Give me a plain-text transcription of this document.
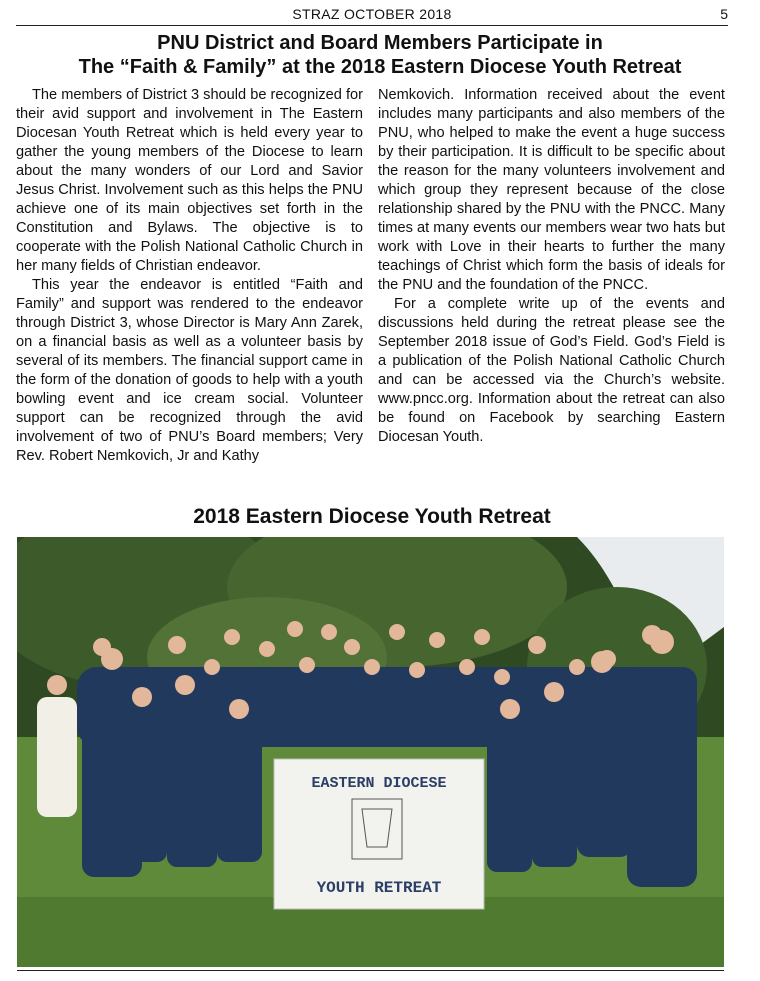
STRAZ OCTOBER 2018	5
PNU District and Board Members Participate in
The “Faith & Family” at the 2018 Eastern Diocese Youth Retreat

The members of District 3 should be recognized for their avid support and involvement in The Eastern Diocesan Youth Retreat which is held every year to gather the young members of the Diocese to learn about the many wonders of our Lord and Savior Jesus Christ. Involvement such as this helps the PNU achieve one of its main objectives set forth in the Constitution and Bylaws. The objective is to cooperate with the Polish National Catholic Church in her many fields of Christian endeavor.

This year the endeavor is entitled “Faith and Family” and support was rendered to the endeavor through District 3, whose Director is Mary Ann Zarek, on a financial basis as well as a volunteer basis by several of its members. The financial support came in the form of the donation of goods to help with a youth bowling event and ice cream social. Volunteer support can be recognized through the avid involvement of two of PNU’s Board members; Very Rev. Robert Nemkovich, Jr and Kathy

Nemkovich. Information received about the event includes many participants and also members of the PNU, who helped to make the event a huge success by their participation. It is difficult to be specific about the reason for the many volunteers involvement and which group they represent because of the close relationship shared by the PNU with the PNCC. Many times at many events our members wear two hats but work with Love in their hearts to further the many teachings of Christ which form the basis of ideals for the PNU and the foundation of the PNCC.

For a complete write up of the events and discussions held during the retreat please see the September 2018 issue of God’s Field. God’s Field is a publication of the Polish National Catholic Church and can be accessed via the Church’s website. www.pncc.org. Information about the retreat can also be found on Facebook by searching Eastern Diocesan Youth.

2018 Eastern Diocese Youth Retreat
EASTERN DIOCESE
YOUTH RETREAT
